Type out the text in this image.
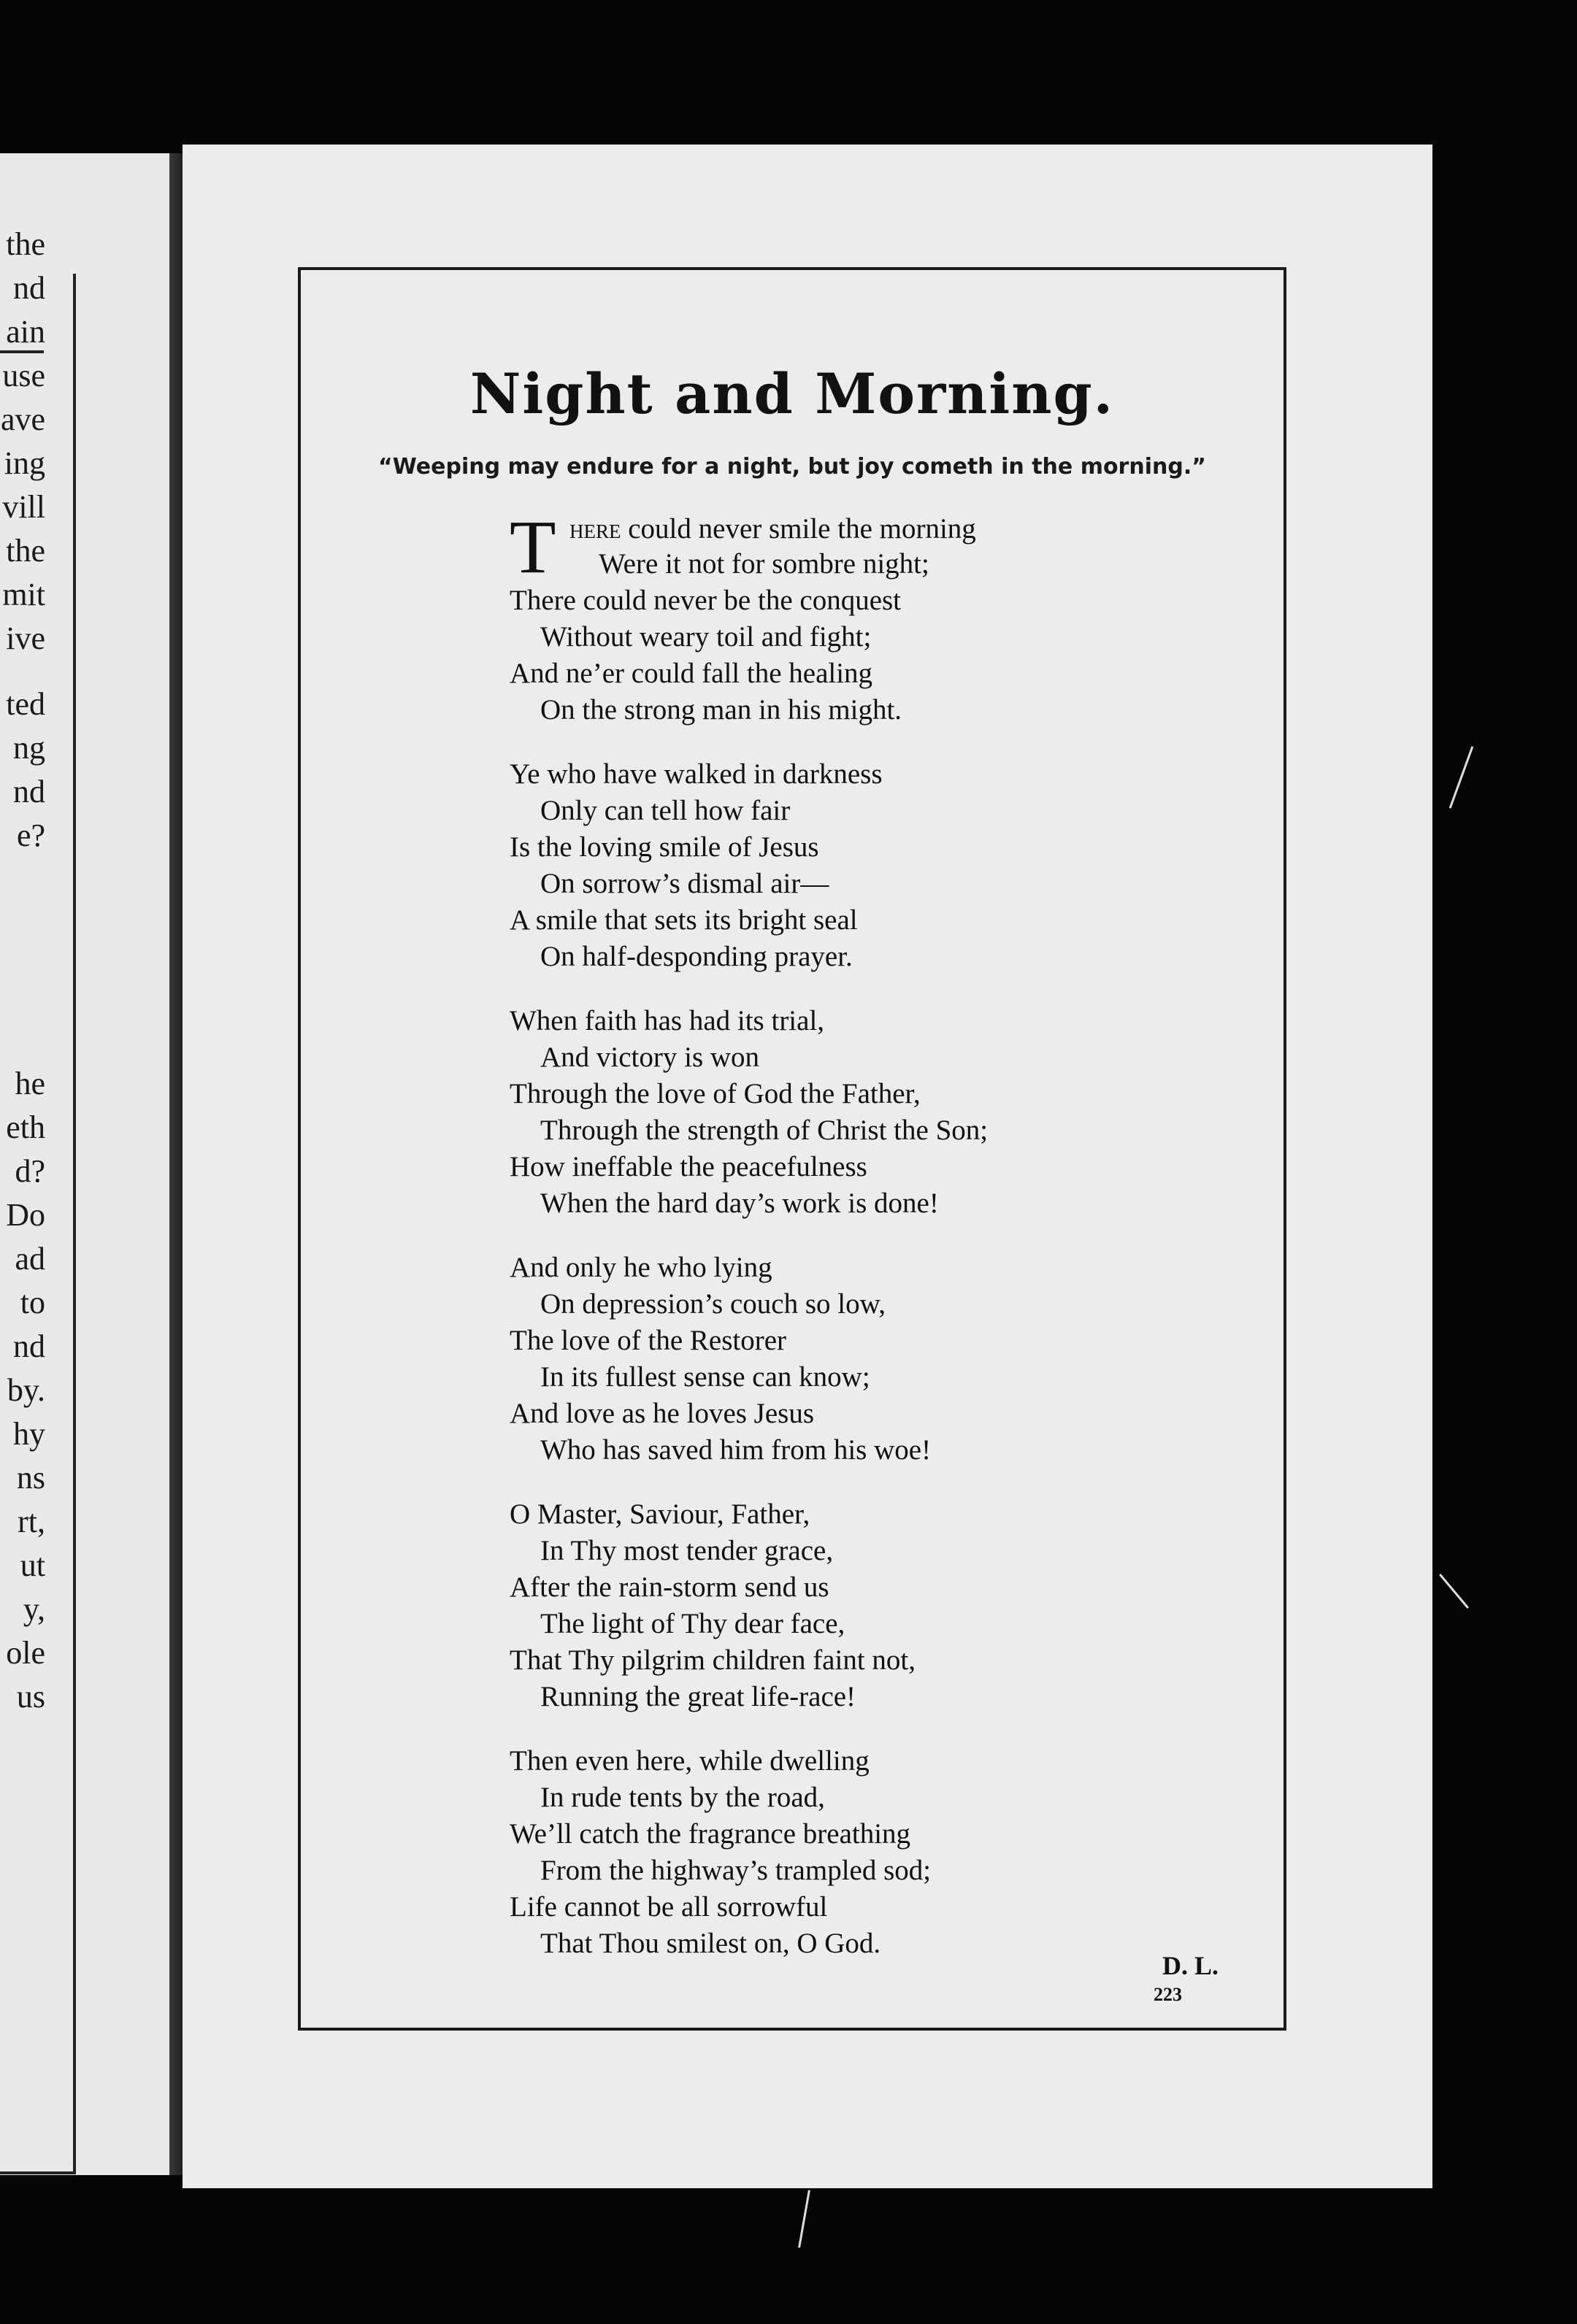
the
nd
ain
use
ave
ing
vill
the
mit
ive
ted
ng
nd
e?
he
eth
d?
Do
ad
to
nd
by.
hy
ns
rt,
ut
y,
ole
us
Night and Morning.
“Weeping may endure for a night, but joy cometh in the morning.”
T here could never smile the morning
Were it not for sombre night;
There could never be the conquest
Without weary toil and fight;
And ne’er could fall the healing
On the strong man in his might.
Ye who have walked in darkness
Only can tell how fair
Is the loving smile of Jesus
On sorrow’s dismal air—
A smile that sets its bright seal
On half-desponding prayer.
When faith has had its trial,
And victory is won
Through the love of God the Father,
Through the strength of Christ the Son;
How ineffable the peacefulness
When the hard day’s work is done!
And only he who lying
On depression’s couch so low,
The love of the Restorer
In its fullest sense can know;
And love as he loves Jesus
Who has saved him from his woe!
O Master, Saviour, Father,
In Thy most tender grace,
After the rain-storm send us
The light of Thy dear face,
That Thy pilgrim children faint not,
Running the great life-race!
Then even here, while dwelling
In rude tents by the road,
We’ll catch the fragrance breathing
From the highway’s trampled sod;
Life cannot be all sorrowful
That Thou smilest on, O God.
D. L.
223
